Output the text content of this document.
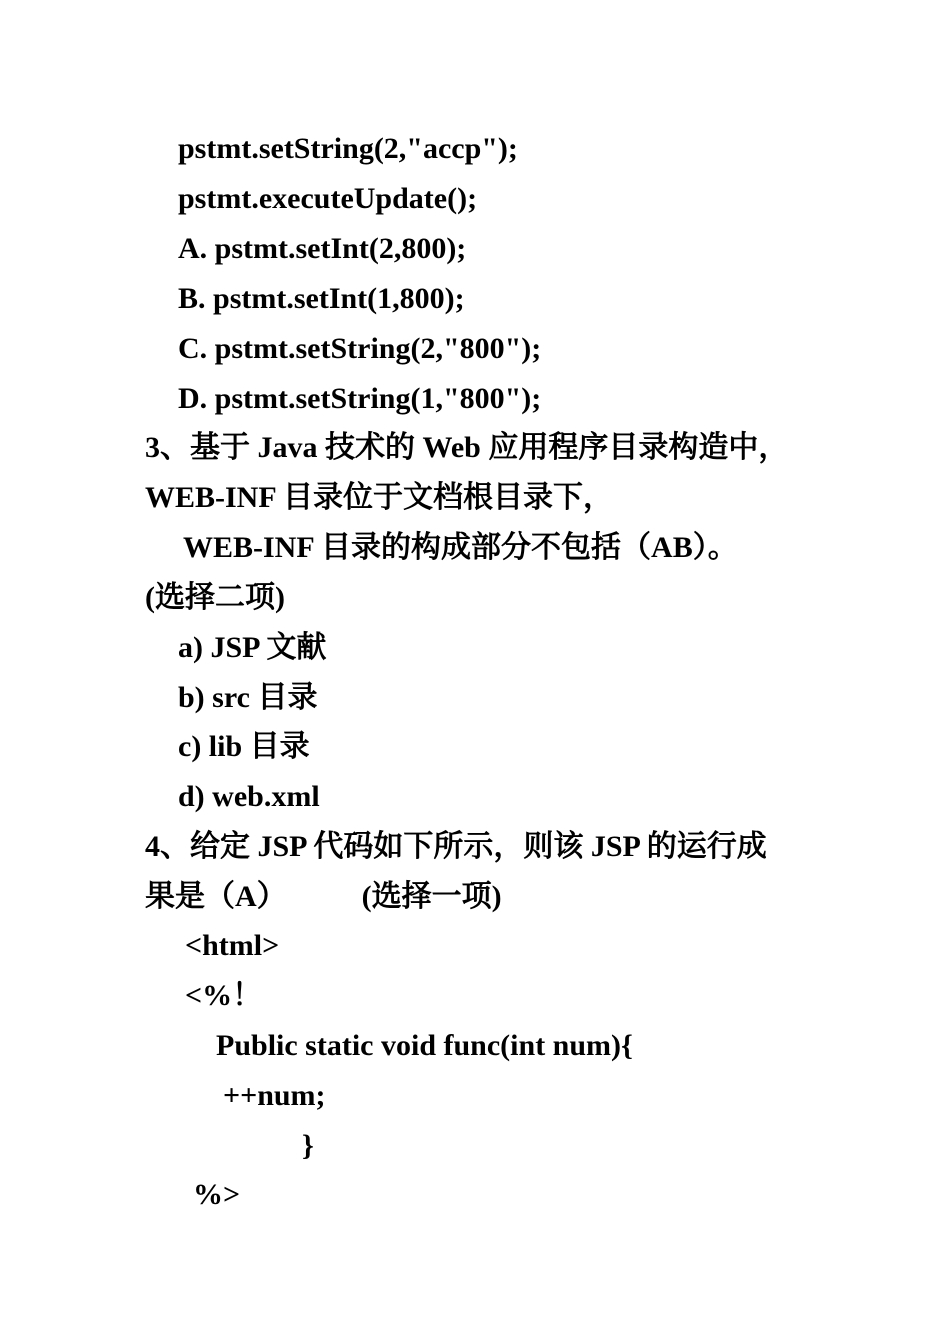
pstmt.setString(2,"accp");
pstmt.executeUpdate();
A. pstmt.setInt(2,800);
B. pstmt.setInt(1,800);
C. pstmt.setString(2,"800");
D. pstmt.setString(1,"800");
3、基于 Java 技术的 Web 应用程序目录构造中，
WEB-INF 目录位于文档根目录下，
WEB-INF 目录的构成部分不包括（AB）。
(选择二项)
a) JSP 文献
b) src 目录
c) lib 目录
d) web.xml
4、给定 JSP 代码如下所示，则该 JSP 的运行成
果是（A）          (选择一项)
<html>
<%！
Public static void func(int num){
++num;
}
%>
